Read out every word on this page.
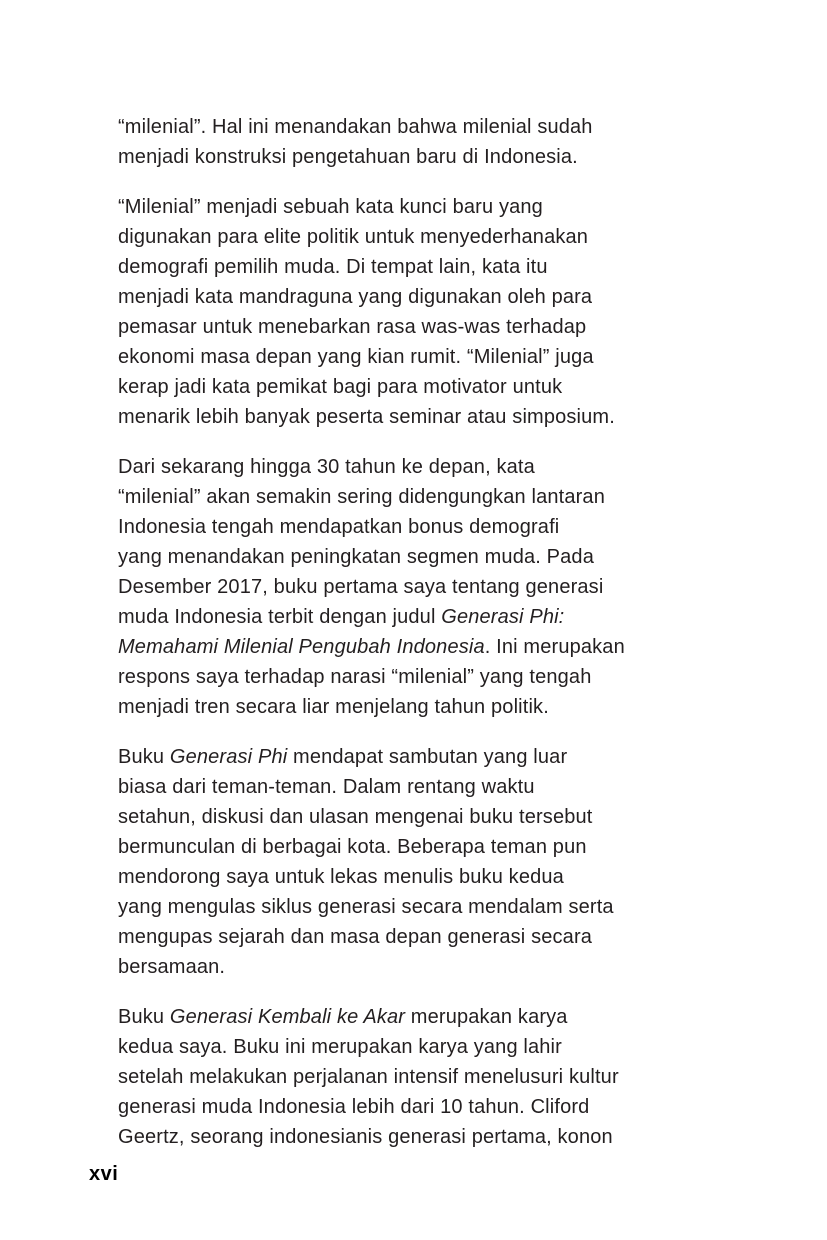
“milenial”. Hal ini menandakan bahwa milenial sudah
menjadi konstruksi pengetahuan baru di Indonesia.
“Milenial” menjadi sebuah kata kunci baru yang
digunakan para elite politik untuk menyederhanakan
demografi pemilih muda. Di tempat lain, kata itu
menjadi kata mandraguna yang digunakan oleh para
pemasar untuk menebarkan rasa was-was terhadap
ekonomi masa depan yang kian rumit. “Milenial” juga
kerap jadi kata pemikat bagi para motivator untuk
menarik lebih banyak peserta seminar atau simposium.
Dari sekarang hingga 30 tahun ke depan, kata
“milenial” akan semakin sering didengungkan lantaran
Indonesia tengah mendapatkan bonus demografi
yang menandakan peningkatan segmen muda. Pada
Desember 2017, buku pertama saya tentang generasi
muda Indonesia terbit dengan judul Generasi Phi:
Memahami Milenial Pengubah Indonesia. Ini merupakan
respons saya terhadap narasi “milenial” yang tengah
menjadi tren secara liar menjelang tahun politik.
Buku Generasi Phi mendapat sambutan yang luar
biasa dari teman-teman. Dalam rentang waktu
setahun, diskusi dan ulasan mengenai buku tersebut
bermunculan di berbagai kota. Beberapa teman pun
mendorong saya untuk lekas menulis buku kedua
yang mengulas siklus generasi secara mendalam serta
mengupas sejarah dan masa depan generasi secara
bersamaan.
Buku Generasi Kembali ke Akar merupakan karya
kedua saya. Buku ini merupakan karya yang lahir
setelah melakukan perjalanan intensif menelusuri kultur
generasi muda Indonesia lebih dari 10 tahun. Cliford
Geertz, seorang indonesianis generasi pertama, konon
xvi
